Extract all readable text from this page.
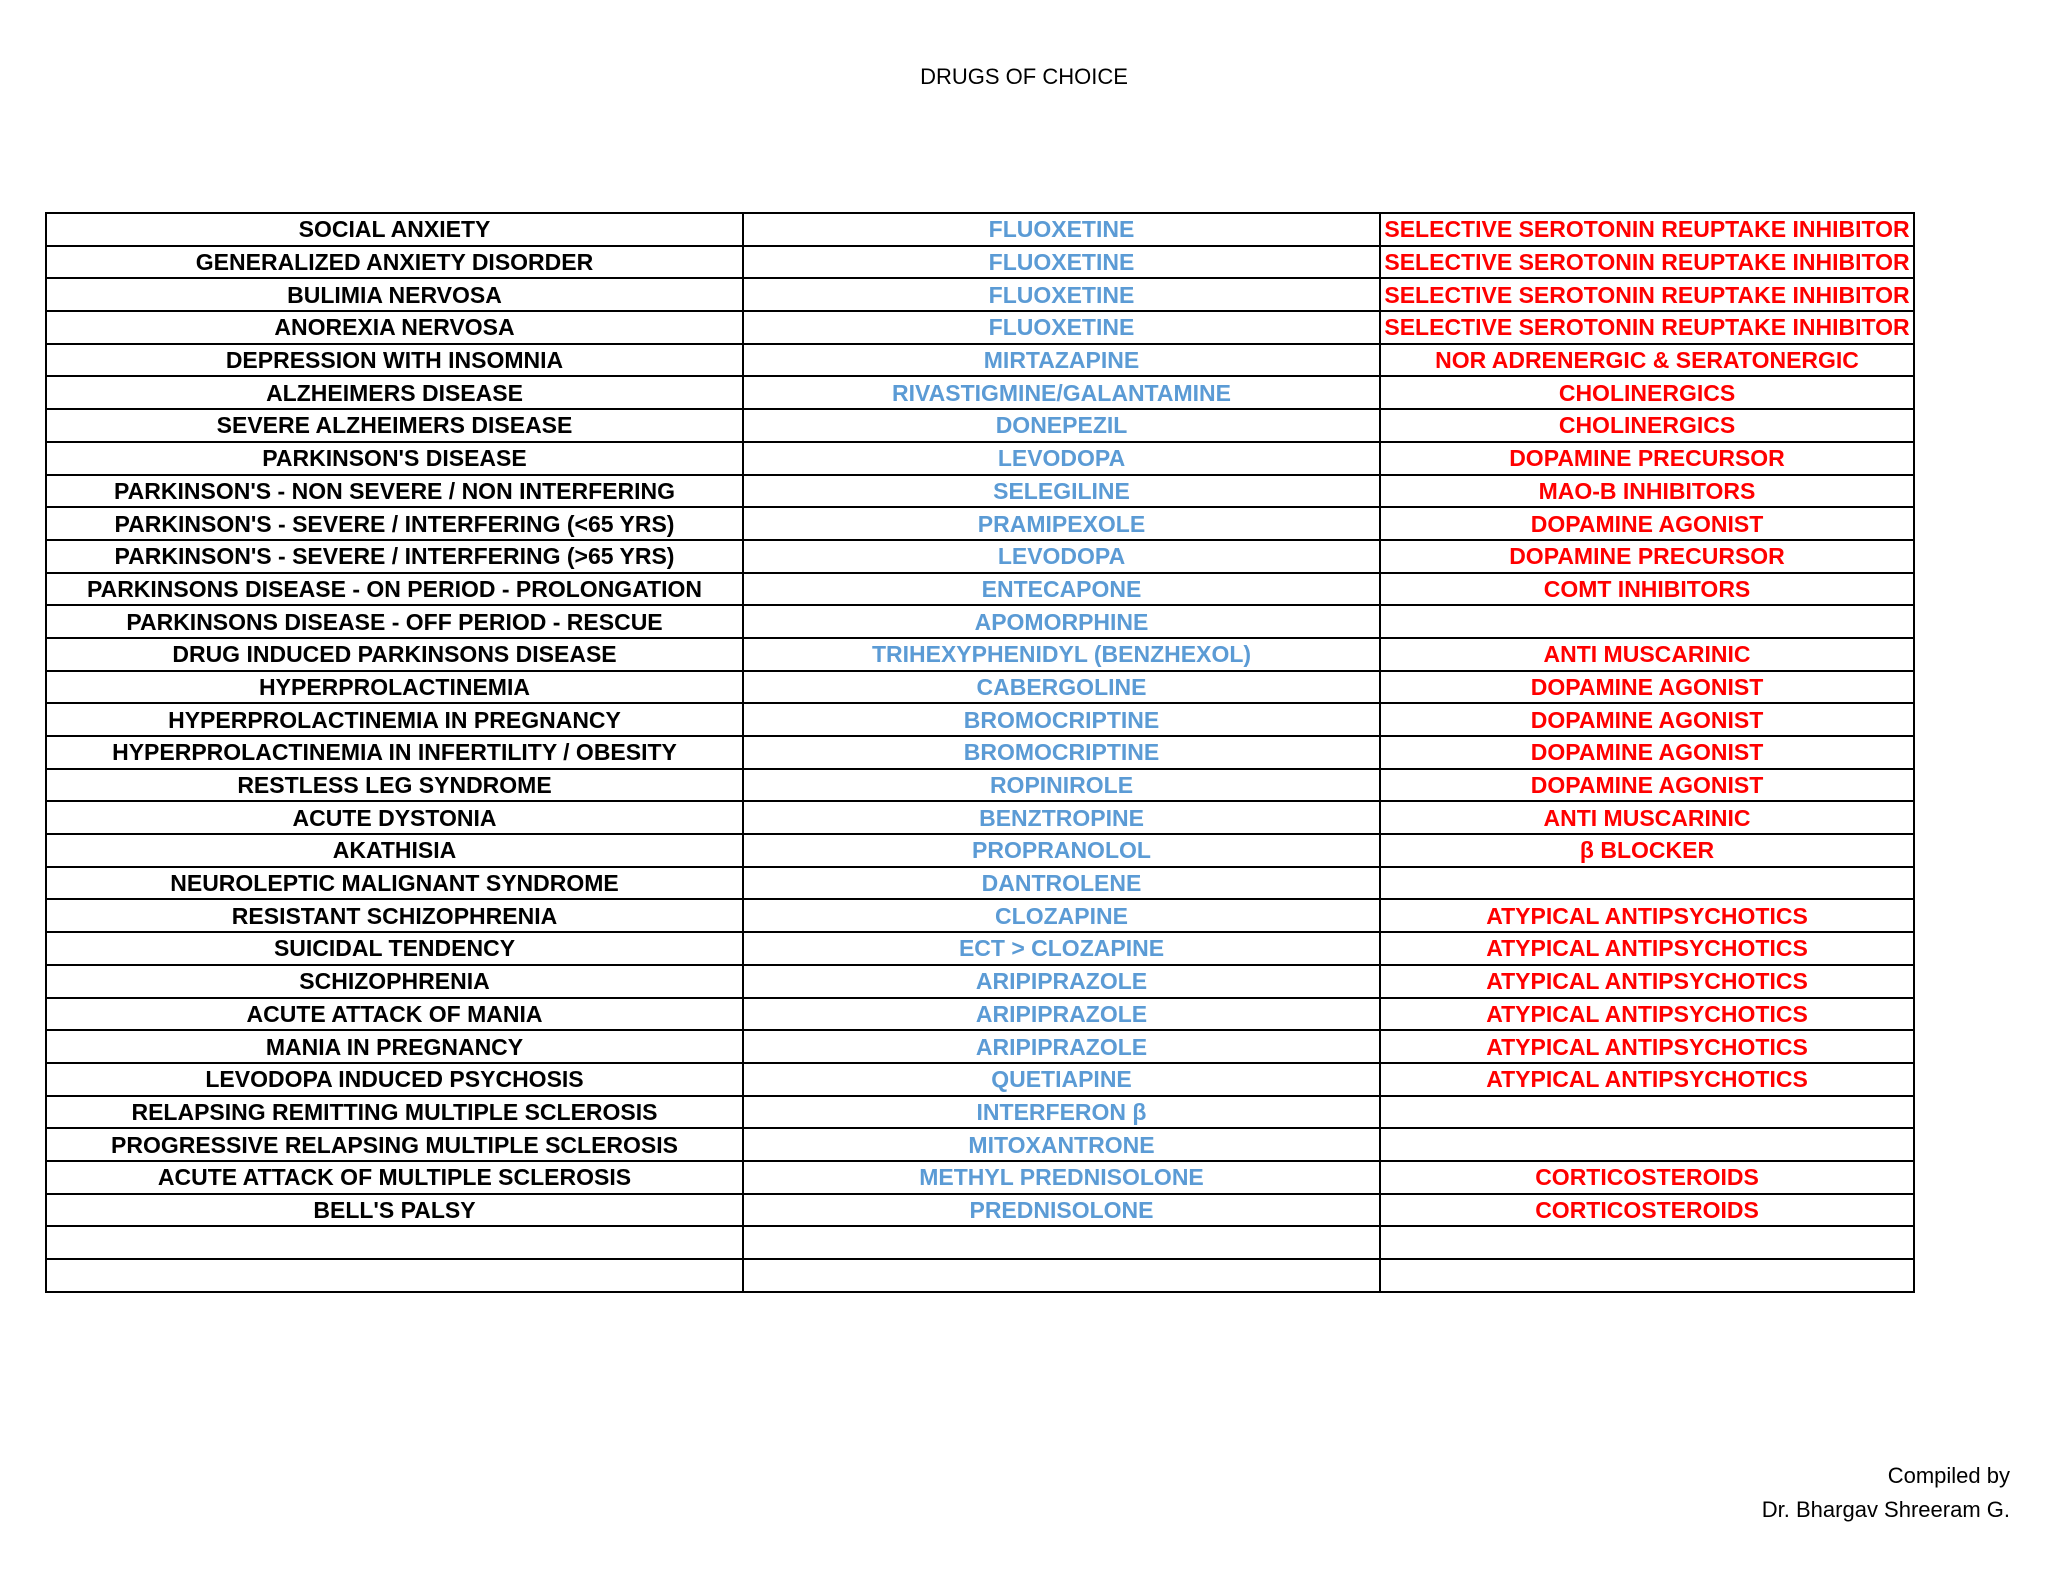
DRUGS OF CHOICE
SOCIAL ANXIETY	FLUOXETINE	SELECTIVE SEROTONIN REUPTAKE INHIBITOR
GENERALIZED ANXIETY DISORDER	FLUOXETINE	SELECTIVE SEROTONIN REUPTAKE INHIBITOR
BULIMIA NERVOSA	FLUOXETINE	SELECTIVE SEROTONIN REUPTAKE INHIBITOR
ANOREXIA NERVOSA	FLUOXETINE	SELECTIVE SEROTONIN REUPTAKE INHIBITOR
DEPRESSION WITH INSOMNIA	MIRTAZAPINE	NOR ADRENERGIC & SERATONERGIC
ALZHEIMERS DISEASE	RIVASTIGMINE/GALANTAMINE	CHOLINERGICS
SEVERE ALZHEIMERS DISEASE	DONEPEZIL	CHOLINERGICS
PARKINSON'S DISEASE	LEVODOPA	DOPAMINE PRECURSOR
PARKINSON'S - NON SEVERE / NON INTERFERING	SELEGILINE	MAO-B INHIBITORS
PARKINSON'S - SEVERE / INTERFERING (<65 YRS)	PRAMIPEXOLE	DOPAMINE AGONIST
PARKINSON'S - SEVERE / INTERFERING (>65 YRS)	LEVODOPA	DOPAMINE PRECURSOR
PARKINSONS DISEASE - ON PERIOD - PROLONGATION	ENTECAPONE	COMT INHIBITORS
PARKINSONS DISEASE - OFF PERIOD - RESCUE	APOMORPHINE	
DRUG INDUCED PARKINSONS DISEASE	TRIHEXYPHENIDYL (BENZHEXOL)	ANTI MUSCARINIC
HYPERPROLACTINEMIA	CABERGOLINE	DOPAMINE AGONIST
HYPERPROLACTINEMIA IN PREGNANCY	BROMOCRIPTINE	DOPAMINE AGONIST
HYPERPROLACTINEMIA IN INFERTILITY / OBESITY	BROMOCRIPTINE	DOPAMINE AGONIST
RESTLESS LEG SYNDROME	ROPINIROLE	DOPAMINE AGONIST
ACUTE DYSTONIA	BENZTROPINE	ANTI MUSCARINIC
AKATHISIA	PROPRANOLOL	β BLOCKER
NEUROLEPTIC MALIGNANT SYNDROME	DANTROLENE	
RESISTANT SCHIZOPHRENIA	CLOZAPINE	ATYPICAL ANTIPSYCHOTICS
SUICIDAL TENDENCY	ECT > CLOZAPINE	ATYPICAL ANTIPSYCHOTICS
SCHIZOPHRENIA	ARIPIPRAZOLE	ATYPICAL ANTIPSYCHOTICS
ACUTE ATTACK OF MANIA	ARIPIPRAZOLE	ATYPICAL ANTIPSYCHOTICS
MANIA IN PREGNANCY	ARIPIPRAZOLE	ATYPICAL ANTIPSYCHOTICS
LEVODOPA INDUCED PSYCHOSIS	QUETIAPINE	ATYPICAL ANTIPSYCHOTICS
RELAPSING REMITTING MULTIPLE SCLEROSIS	INTERFERON β	
PROGRESSIVE RELAPSING MULTIPLE SCLEROSIS	MITOXANTRONE	
ACUTE ATTACK OF MULTIPLE SCLEROSIS	METHYL PREDNISOLONE	CORTICOSTEROIDS
BELL'S PALSY	PREDNISOLONE	CORTICOSTEROIDS

Compiled by
Dr. Bhargav Shreeram G.
